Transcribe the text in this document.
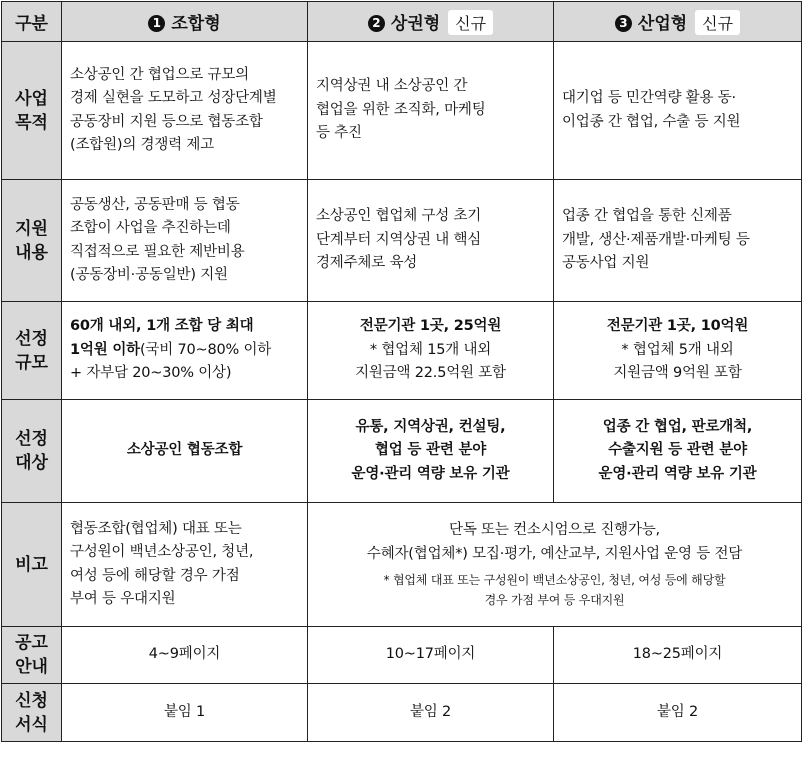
구분	1 조합형	2 상권형 신규	3 산업형 신규

사업
목적	소상공인 간 협업으로 규모의
경제 실현을 도모하고 성장단계별
공동장비 지원 등으로 협동조합
(조합원)의 경쟁력 제고	지역상권 내 소상공인 간
협업을 위한 조직화, 마케팅
등 추진	대기업 등 민간역량 활용 동·
이업종 간 협업, 수출 등 지원

지원
내용	공동생산, 공동판매 등 협동
조합이 사업을 추진하는데
직접적으로 필요한 제반비용
(공동장비·공동일반) 지원	소상공인 협업체 구성 초기
단계부터 지역상권 내 핵심
경제주체로 육성	업종 간 협업을 통한 신제품
개발, 생산·제품개발·마케팅 등
공동사업 지원

선정
규모	60개 내외, 1개 조합 당 최대
1억원 이하(국비 70~80% 이하
+ 자부담 20~30% 이상)	전문기관 1곳, 25억원
* 협업체 15개 내외
지원금액 22.5억원 포함	전문기관 1곳, 10억원
* 협업체 5개 내외
지원금액 9억원 포함

선정
대상	소상공인 협동조합	유통, 지역상권, 컨설팅,
협업 등 관련 분야
운영·관리 역량 보유 기관	업종 간 협업, 판로개척,
수출지원 등 관련 분야
운영·관리 역량 보유 기관

비고	협동조합(협업체) 대표 또는
구성원이 백년소상공인, 청년,
여성 등에 해당할 경우 가점
부여 등 우대지원	단독 또는 컨소시엄으로 진행가능,
수혜자(협업체*) 모집·평가, 예산교부, 지원사업 운영 등 전담
* 협업체 대표 또는 구성원이 백년소상공인, 청년, 여성 등에 해당할
경우 가점 부여 등 우대지원	

공고
안내	4~9페이지	10~17페이지	18~25페이지

신청
서식	붙임 1	붙임 2	붙임 2
